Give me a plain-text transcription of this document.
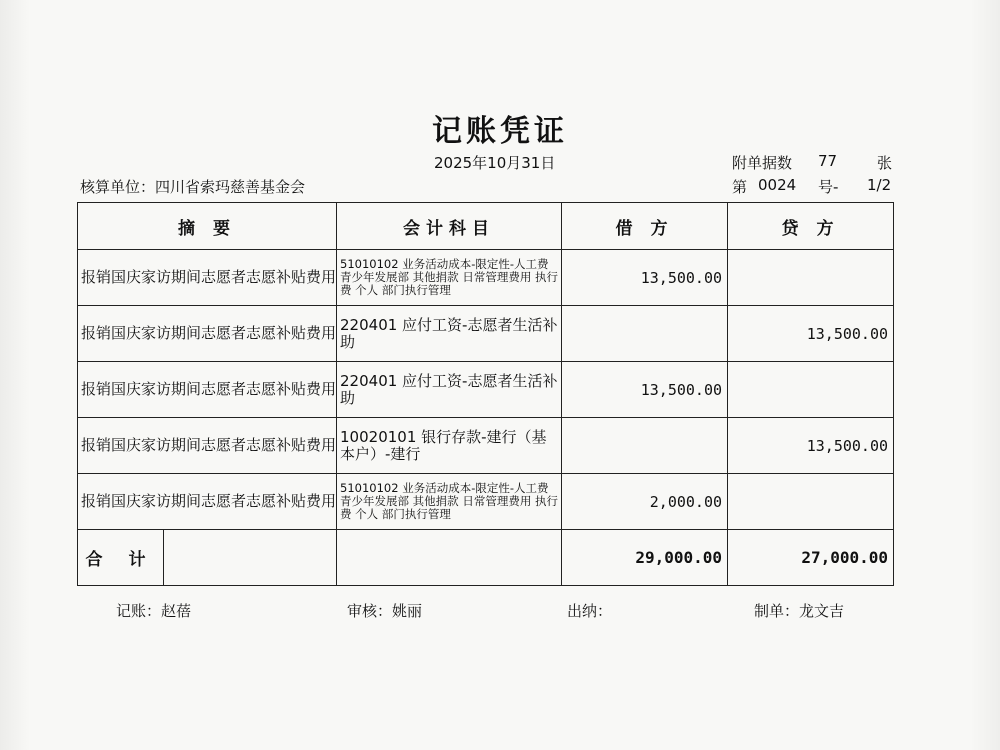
记账凭证
2025年10月31日	附单据数 77	张
核算单位：四川省索玛慈善基金会	第 0024 号- 1/2
摘 要		会计科目	借 方	贷 方
报销国庆家访期间志愿者志愿补贴费用		51010102 业务活动成本-限定性-人工费 青少年发展部 其他捐款 日常管理费用 执行费 个人 部门执行管理	13,500.00	
报销国庆家访期间志愿者志愿补贴费用		220401 应付工资-志愿者生活补助		13,500.00
报销国庆家访期间志愿者志愿补贴费用		220401 应付工资-志愿者生活补助	13,500.00	
报销国庆家访期间志愿者志愿补贴费用		10020101 银行存款-建行（基本户）-建行		13,500.00
报销国庆家访期间志愿者志愿补贴费用		51010102 业务活动成本-限定性-人工费 青少年发展部 其他捐款 日常管理费用 执行费 个人 部门执行管理	2,000.00	
合 计			29,000.00	27,000.00
记账：赵蓓	审核：姚丽	出纳：	制单：龙文吉
